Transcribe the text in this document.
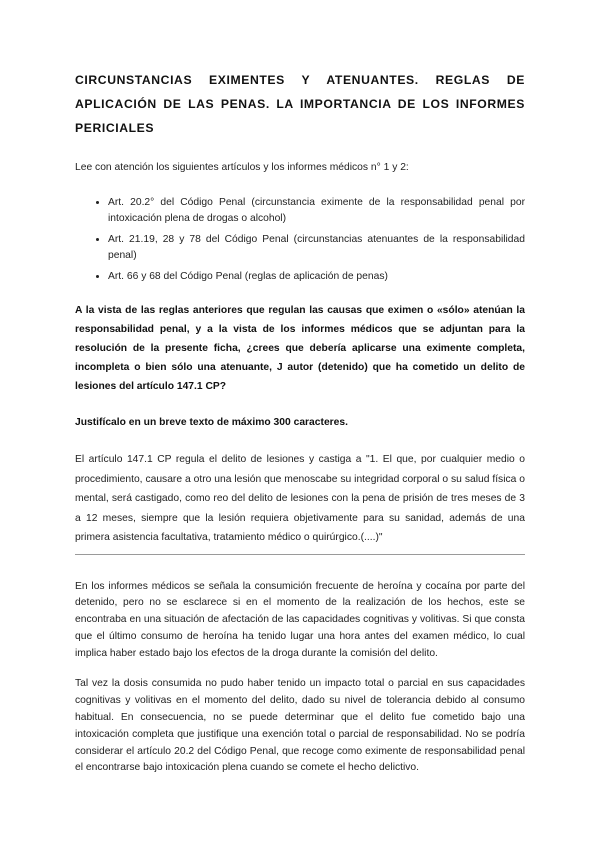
CIRCUNSTANCIAS EXIMENTES Y ATENUANTES. REGLAS DE APLICACIÓN DE LAS PENAS. LA IMPORTANCIA DE LOS INFORMES PERICIALES

Lee con atención los siguientes artículos y los informes médicos n° 1 y 2:

• Art. 20.2° del Código Penal (circunstancia eximente de la responsabilidad penal por intoxicación plena de drogas o alcohol)
• Art. 21.19, 28 y 78 del Código Penal (circunstancias atenuantes de la responsabilidad penal)
• Art. 66 y 68 del Código Penal (reglas de aplicación de penas)

A la vista de las reglas anteriores que regulan las causas que eximen o «sólo» atenúan la responsabilidad penal, y a la vista de los informes médicos que se adjuntan para la resolución de la presente ficha, ¿crees que debería aplicarse una eximente completa, incompleta o bien sólo una atenuante, J autor (detenido) que ha cometido un delito de lesiones del artículo 147.1 CP?

Justifícalo en un breve texto de máximo 300 caracteres.

El artículo 147.1 CP regula el delito de lesiones y castiga a "1. El que, por cualquier medio o procedimiento, causare a otro una lesión que menoscabe su integridad corporal o su salud física o mental, será castigado, como reo del delito de lesiones con la pena de prisión de tres meses de 3 a 12 meses, siempre que la lesión requiera objetivamente para su sanidad, además de una primera asistencia facultativa, tratamiento médico o quirúrgico.(....)"

En los informes médicos se señala la consumición frecuente de heroína y cocaína por parte del detenido, pero no se esclarece si en el momento de la realización de los hechos, este se encontraba en una situación de afectación de las capacidades cognitivas y volitivas. Si que consta que el último consumo de heroína ha tenido lugar una hora antes del examen médico, lo cual implica haber estado bajo los efectos de la droga durante la comisión del delito.

Tal vez la dosis consumida no pudo haber tenido un impacto total o parcial en sus capacidades cognitivas y volitivas en el momento del delito, dado su nivel de tolerancia debido al consumo habitual. En consecuencia, no se puede determinar que el delito fue cometido bajo una intoxicación completa que justifique una exención total o parcial de responsabilidad. No se podría considerar el artículo 20.2 del Código Penal, que recoge como eximente de responsabilidad penal el encontrarse bajo intoxicación plena cuando se comete el hecho delictivo.
